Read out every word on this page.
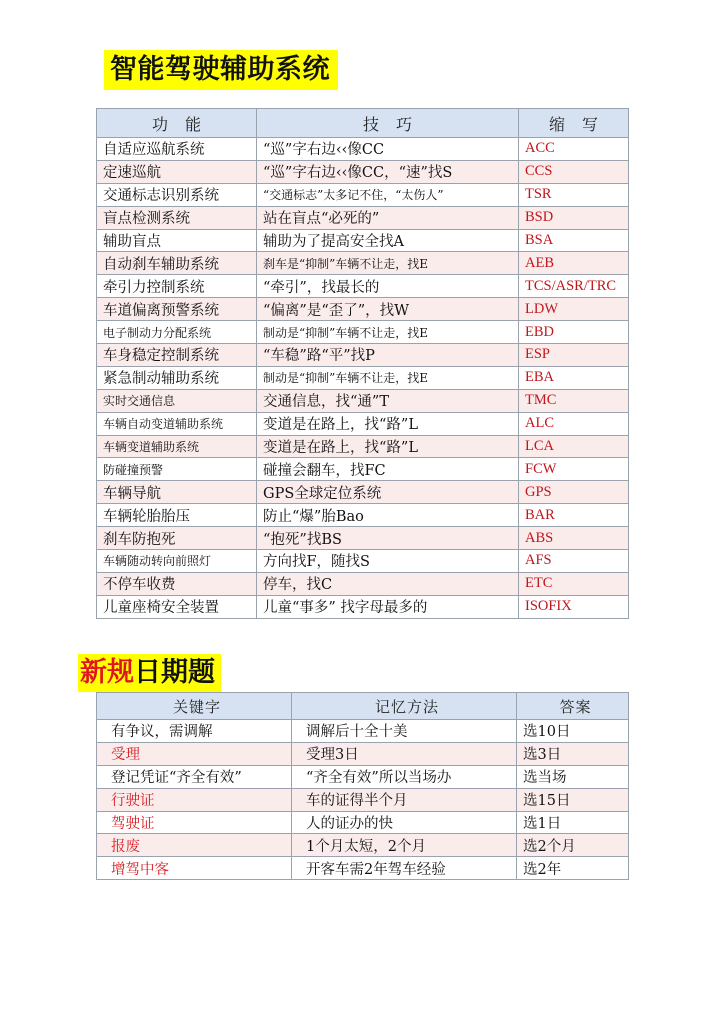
智能驾驶辅助系统
功 能	技 巧	缩 写
自适应巡航系统	“巡”字右边‹‹像CC	ACC
定速巡航	“巡”字右边‹‹像CC，“速”找S	CCS
交通标志识别系统	“交通标志”太多记不住，“太伤人”	TSR
盲点检测系统	站在盲点“必死的”	BSD
辅助盲点	辅助为了提高安全找A	BSA
自动刹车辅助系统	刹车是“抑制”车辆不让走，找E	AEB
牵引力控制系统	“牵引”，找最长的	TCS/ASR/TRC
车道偏离预警系统	“偏离”是“歪了”，找W	LDW
电子制动力分配系统	制动是“抑制”车辆不让走，找E	EBD
车身稳定控制系统	“车稳”路“平”找P	ESP
紧急制动辅助系统	制动是“抑制”车辆不让走，找E	EBA
实时交通信息	交通信息，找“通”T	TMC
车辆自动变道辅助系统	变道是在路上，找“路”L	ALC
车辆变道辅助系统	变道是在路上，找“路”L	LCA
防碰撞预警	碰撞会翻车，找FC	FCW
车辆导航	GPS全球定位系统	GPS
车辆轮胎胎压	防止“爆”胎Bao	BAR
刹车防抱死	“抱死”找BS	ABS
车辆随动转向前照灯	方向找F，随找S	AFS
不停车收费	停车，找C	ETC
儿童座椅安全装置	儿童“事多” 找字母最多的	ISOFIX
新规日期题
关键字	记忆方法	答案
有争议，需调解	调解后十全十美	选10日
受理	受理3日	选3日
登记凭证“齐全有效”	“齐全有效”所以当场办	选当场
行驶证	车的证得半个月	选15日
驾驶证	人的证办的快	选1日
报废	1个月太短，2个月	选2个月
增驾中客	开客车需2年驾车经验	选2年
